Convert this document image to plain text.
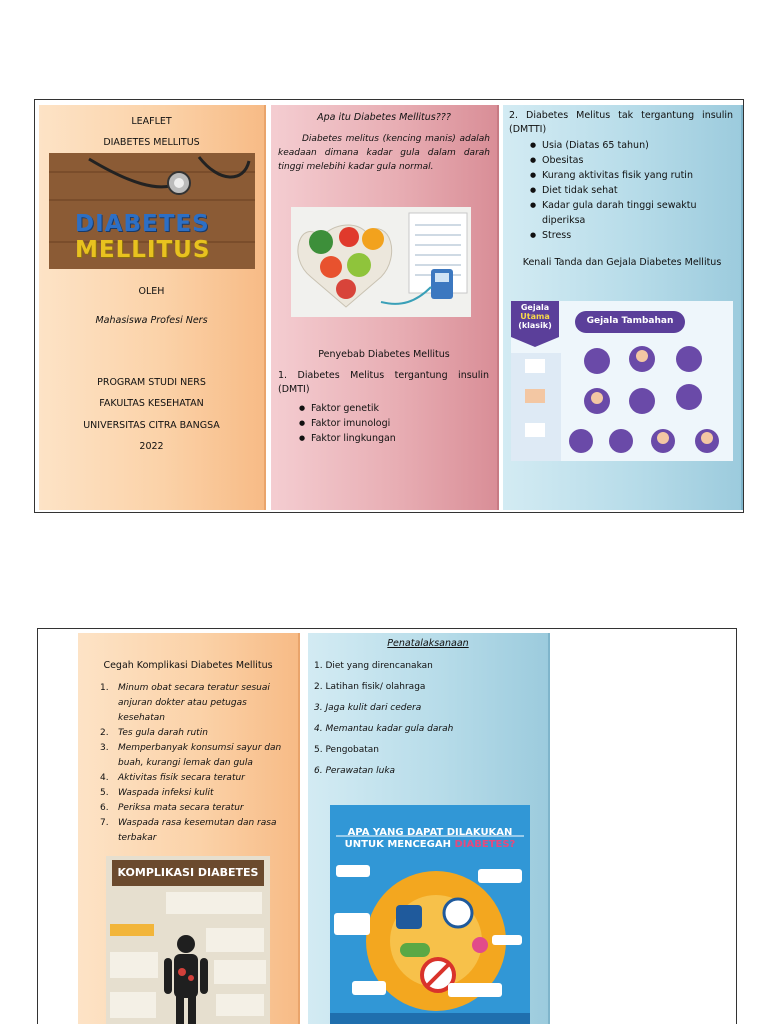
LEAFLET
DIABETES MELLITUS
DIABETES
MELLITUS
OLEH
Mahasiswa Profesi Ners
PROGRAM STUDI NERS
FAKULTAS KESEHATAN
UNIVERSITAS CITRA BANGSA
2022
Apa itu Diabetes Mellitus???
Diabetes melitus (kencing manis) adalah keadaan dimana kadar gula dalam darah tinggi melebihi kadar gula normal.
Penyebab Diabetes Mellitus
1. Diabetes Melitus tergantung insulin (DMTI)
● Faktor genetik
● Faktor imunologi
● Faktor lingkungan
2. Diabetes Melitus tak tergantung insulin (DMTTI)
● Usia (Diatas 65 tahun)
● Obesitas
● Kurang aktivitas fisik yang rutin
● Diet tidak sehat
● Kadar gula darah tinggi sewaktu diperiksa
● Stress
Kenali Tanda dan Gejala Diabetes Mellitus
Gejala
Utama
(klasik)	Gejala Tambahan
Cegah Komplikasi Diabetes Mellitus
1. Minum obat secara teratur sesuai anjuran dokter atau petugas kesehatan
2. Tes gula darah rutin
3. Memperbanyak konsumsi sayur dan buah, kurangi lemak dan gula
4. Aktivitas fisik secara teratur
5. Waspada infeksi kulit
6. Periksa mata secara teratur
7. Waspada rasa kesemutan dan rasa terbakar
KOMPLIKASI DIABETES
Penatalaksanaan
1. Diet yang direncanakan
2. Latihan fisik/ olahraga
3. Jaga kulit dari cedera
4. Memantau kadar gula darah
5. Pengobatan
6. Perawatan luka
APA YANG DAPAT DILAKUKAN
UNTUK MENCEGAH DIABETES?
